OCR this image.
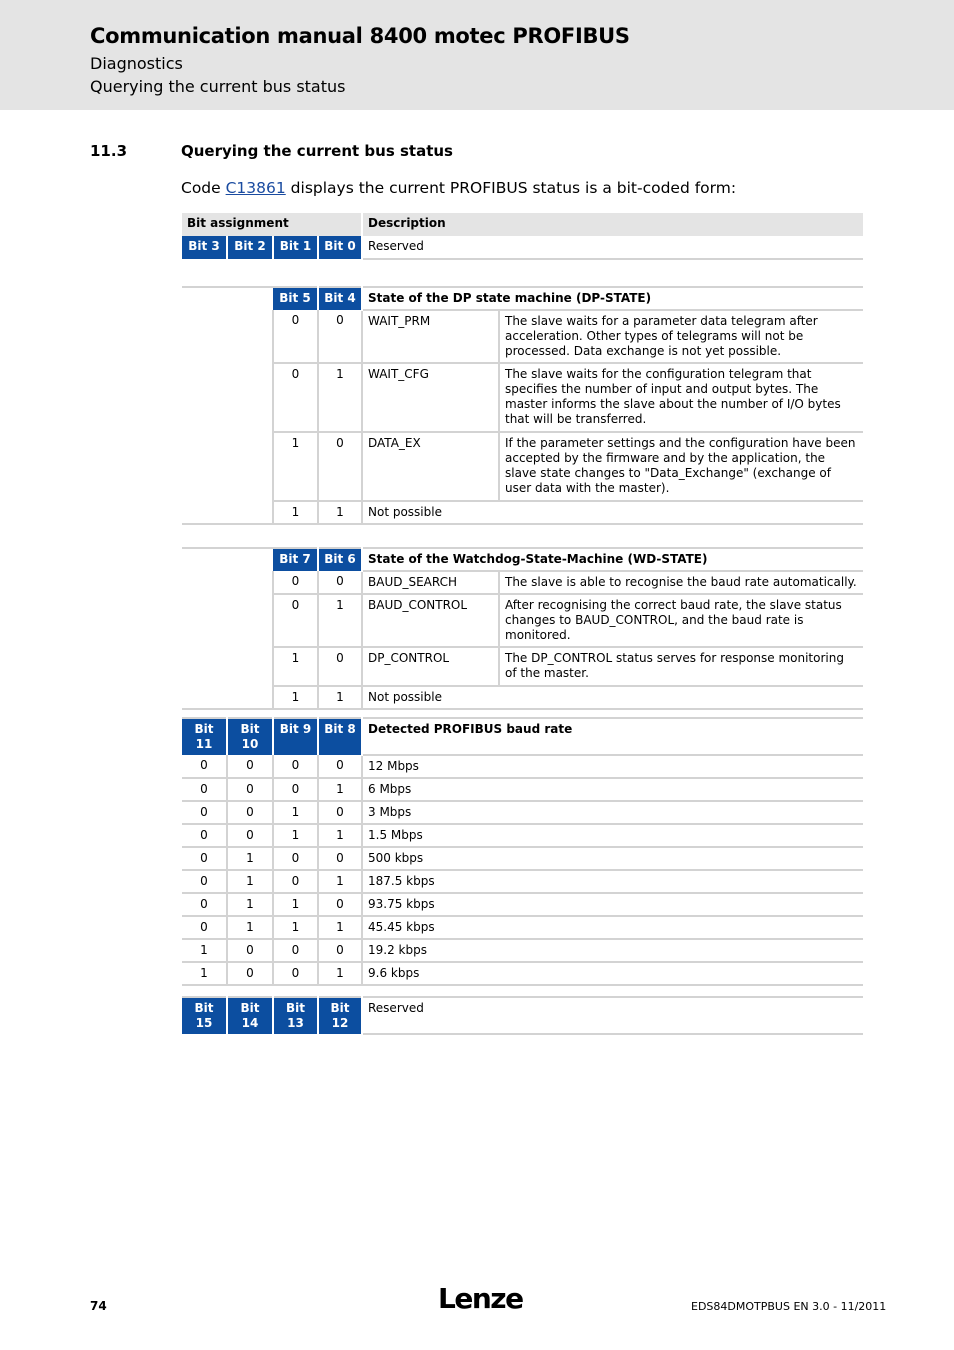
Communication manual 8400 motec PROFIBUS
Diagnostics
Querying the current bus status
11.3	Querying the current bus status
Code C13861 displays the current PROFIBUS status is a bit-coded form:
Bit assignment				Description
Bit 3	Bit 2	Bit 1	Bit 0	Reserved
	Bit 5	Bit 4	State of the DP state machine (DP-STATE)	
	0	0	WAIT_PRM	The slave waits for a parameter data telegram after acceleration. Other types of telegrams will not be processed. Data exchange is not yet possible.
	0	1	WAIT_CFG	The slave waits for the configuration telegram that specifies the number of input and output bytes. The master informs the slave about the number of I/O bytes that will be transferred.
	1	0	DATA_EX	If the parameter settings and the configuration have been accepted by the firmware and by the application, the slave state changes to "Data_Exchange" (exchange of user data with the master).
	1	1	Not possible	
	Bit 7	Bit 6	State of the Watchdog-State-Machine (WD-STATE)	
	0	0	BAUD_SEARCH	The slave is able to recognise the baud rate automatically.
	0	1	BAUD_CONTROL	After recognising the correct baud rate, the slave status changes to BAUD_CONTROL, and the baud rate is monitored.
	1	0	DP_CONTROL	The DP_CONTROL status serves for response monitoring of the master.
	1	1	Not possible	
Bit 11	Bit 10	Bit 9	Bit 8	Detected PROFIBUS baud rate
0	0	0	0	12 Mbps
0	0	0	1	6 Mbps
0	0	1	0	3 Mbps
0	0	1	1	1.5 Mbps
0	1	0	0	500 kbps
0	1	0	1	187.5 kbps
0	1	1	0	93.75 kbps
0	1	1	1	45.45 kbps
1	0	0	0	19.2 kbps
1	0	0	1	9.6 kbps
Bit 15	Bit 14	Bit 13	Bit 12	Reserved
74	Lenze	EDS84DMOTPBUS EN 3.0 - 11/2011
